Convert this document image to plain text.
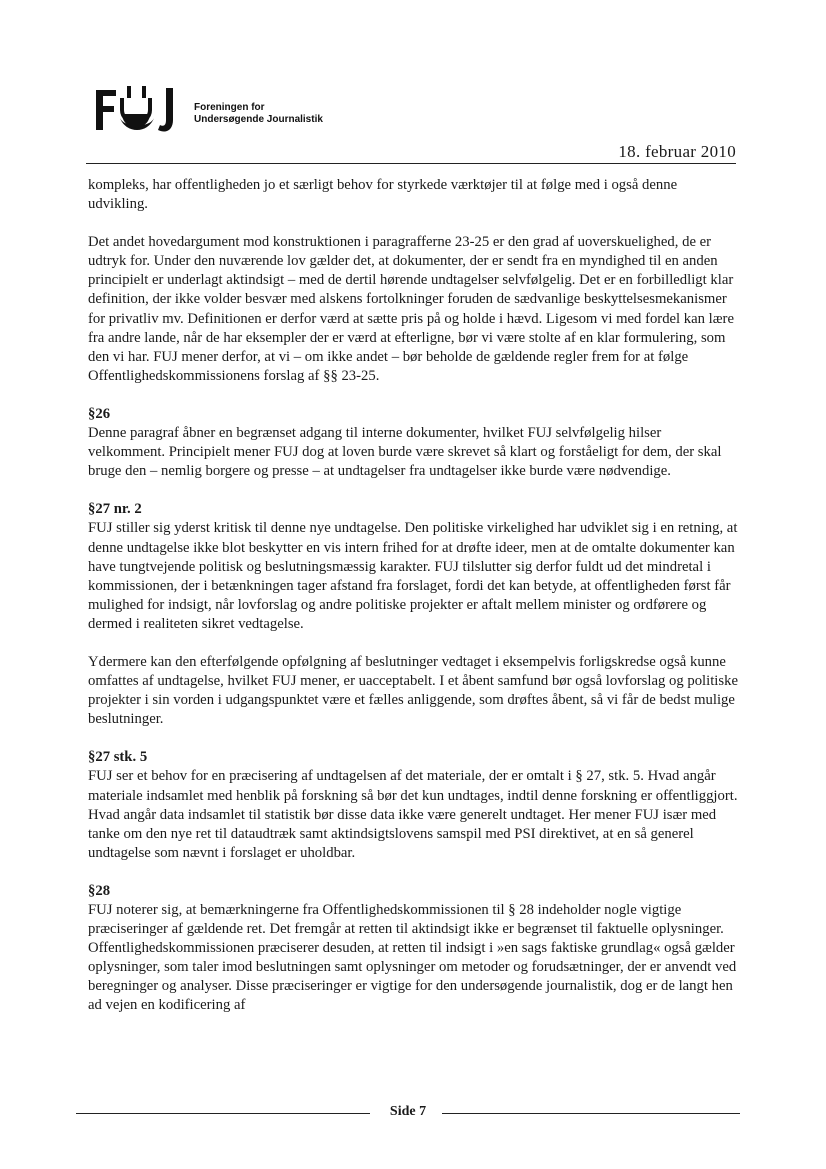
Foreningen for
Undersøgende Journalistik
18. februar 2010

kompleks, har offentligheden jo et særligt behov for styrkede værktøjer til at følge med i også denne udvikling.

Det andet hovedargument mod konstruktionen i paragrafferne 23-25 er den grad af uoverskuelighed, de er udtryk for. Under den nuværende lov gælder det, at dokumenter, der er sendt fra en myndighed til en anden principielt er underlagt aktindsigt – med de dertil hørende undtagelser selvfølgelig. Det er en forbilledligt klar definition, der ikke volder besvær med alskens fortolkninger foruden de sædvanlige beskyttelsesmekanismer for privatliv mv. Definitionen er derfor værd at sætte pris på og holde i hævd. Ligesom vi med fordel kan lære fra andre lande, når de har eksempler der er værd at efterligne, bør vi være stolte af en klar formulering, som den vi har. FUJ mener derfor, at vi – om ikke andet – bør beholde de gældende regler frem for at følge Offentlighedskommissionens forslag af §§ 23-25.

§26

Denne paragraf åbner en begrænset adgang til interne dokumenter, hvilket FUJ selvfølgelig hilser velkomment. Principielt mener FUJ dog at loven burde være skrevet så klart og forståeligt for dem, der skal bruge den – nemlig borgere og presse – at undtagelser fra undtagelser ikke burde være nødvendige.

§27 nr. 2

FUJ stiller sig yderst kritisk til denne nye undtagelse. Den politiske virkelighed har udviklet sig i en retning, at denne undtagelse ikke blot beskytter en vis intern frihed for at drøfte ideer, men at de omtalte dokumenter kan have tungtvejende politisk og beslutningsmæssig karakter. FUJ tilslutter sig derfor fuldt ud det mindretal i kommissionen, der i betænkningen tager afstand fra forslaget, fordi det kan betyde, at offentligheden først får mulighed for indsigt, når lovforslag og andre politiske projekter er aftalt mellem minister og ordførere og dermed i realiteten sikret vedtagelse.

Ydermere kan den efterfølgende opfølgning af beslutninger vedtaget i eksempelvis forligskredse også kunne omfattes af undtagelse, hvilket FUJ mener, er uacceptabelt. I et åbent samfund bør også lovforslag og politiske projekter i sin vorden i udgangspunktet være et fælles anliggende, som drøftes åbent, så vi får de bedst mulige beslutninger.

§27 stk. 5

FUJ ser et behov for en præcisering af undtagelsen af det materiale, der er omtalt i § 27, stk. 5. Hvad angår materiale indsamlet med henblik på forskning så bør det kun undtages, indtil denne forskning er offentliggjort. Hvad angår data indsamlet til statistik bør disse data ikke være generelt undtaget. Her mener FUJ især med tanke om den nye ret til dataudtræk samt aktindsigtslovens samspil med PSI direktivet, at en så generel undtagelse som nævnt i forslaget er uholdbar.

§28

FUJ noterer sig, at bemærkningerne fra Offentlighedskommissionen til § 28 indeholder nogle vigtige præciseringer af gældende ret. Det fremgår at retten til aktindsigt ikke er begrænset til faktuelle oplysninger. Offentlighedskommissionen præciserer desuden, at retten til indsigt i »en sags faktiske grundlag« også gælder oplysninger, som taler imod beslutningen samt oplysninger om metoder og forudsætninger, der er anvendt ved beregninger og analyser. Disse præciseringer er vigtige for den undersøgende journalistik, dog er de langt hen ad vejen en kodificering af

Side 7
